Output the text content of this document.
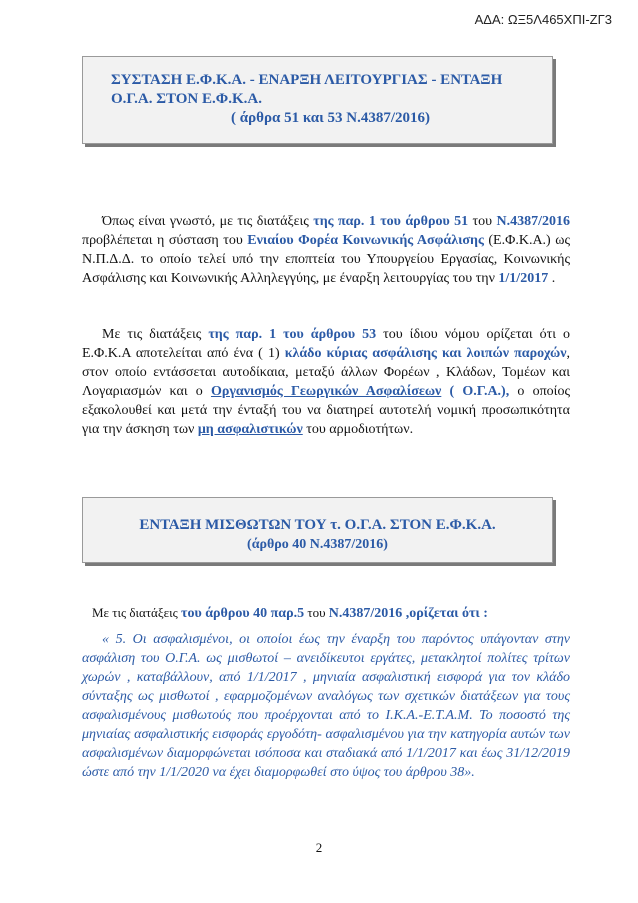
ΑΔΑ: ΩΞ5Λ465ΧΠΙ-ΖΓ3
ΣΥΣΤΑΣΗ Ε.Φ.Κ.Α. - ΕΝΑΡΞΗ ΛΕΙΤΟΥΡΓΙΑΣ - ΕΝΤΑΞΗ
Ο.Γ.Α. ΣΤΟΝ Ε.Φ.Κ.Α.
( άρθρα 51 και 53 Ν.4387/2016)
Όπως είναι γνωστό, με τις διατάξεις της παρ. 1 του άρθρου 51 του Ν.4387/2016 προβλέπεται η σύσταση του Ενιαίου Φορέα Κοινωνικής Ασφάλισης (Ε.Φ.Κ.Α.) ως Ν.Π.Δ.Δ. το οποίο τελεί υπό την εποπτεία του Υπουργείου Εργασίας, Κοινωνικής Ασφάλισης και Κοινωνικής Αλληλεγγύης, με έναρξη λειτουργίας του την 1/1/2017 .
Με τις διατάξεις της παρ. 1 του άρθρου 53 του ίδιου νόμου ορίζεται ότι ο Ε.Φ.Κ.Α αποτελείται από ένα ( 1) κλάδο κύριας ασφάλισης και λοιπών παροχών, στον οποίο εντάσσεται αυτοδίκαια, μεταξύ άλλων Φορέων , Κλάδων, Τομέων και Λογαριασμών και ο Οργανισμός Γεωργικών Ασφαλίσεων ( Ο.Γ.Α.), ο οποίος εξακολουθεί και μετά την ένταξή του να διατηρεί αυτοτελή νομική προσωπικότητα για την άσκηση των μη ασφαλιστικών του αρμοδιοτήτων.
ΕΝΤΑΞΗ ΜΙΣΘΩΤΩΝ ΤΟΥ τ. Ο.Γ.Α. ΣΤΟΝ Ε.Φ.Κ.Α.
(άρθρο 40 Ν.4387/2016)
Με τις διατάξεις του άρθρου 40 παρ.5 του Ν.4387/2016 ,ορίζεται ότι :
« 5. Οι ασφαλισμένοι, οι οποίοι έως την έναρξη του παρόντος υπάγονταν στην ασφάλιση του Ο.Γ.Α. ως μισθωτοί – ανειδίκευτοι εργάτες, μετακλητοί πολίτες τρίτων χωρών , καταβάλλουν, από 1/1/2017 , μηνιαία ασφαλιστική εισφορά για τον κλάδο σύνταξης ως μισθωτοί , εφαρμοζομένων αναλόγως των σχετικών διατάξεων για τους ασφαλισμένους μισθωτούς που προέρχονται από το Ι.Κ.Α.-Ε.Τ.Α.Μ. Το ποσοστό της μηνιαίας ασφαλιστικής εισφοράς εργοδότη- ασφαλισμένου για την κατηγορία αυτών των ασφαλισμένων διαμορφώνεται ισόποσα και σταδιακά από 1/1/2017 και έως 31/12/2019 ώστε από την 1/1/2020 να έχει διαμορφωθεί στο ύψος του άρθρου 38».
2
